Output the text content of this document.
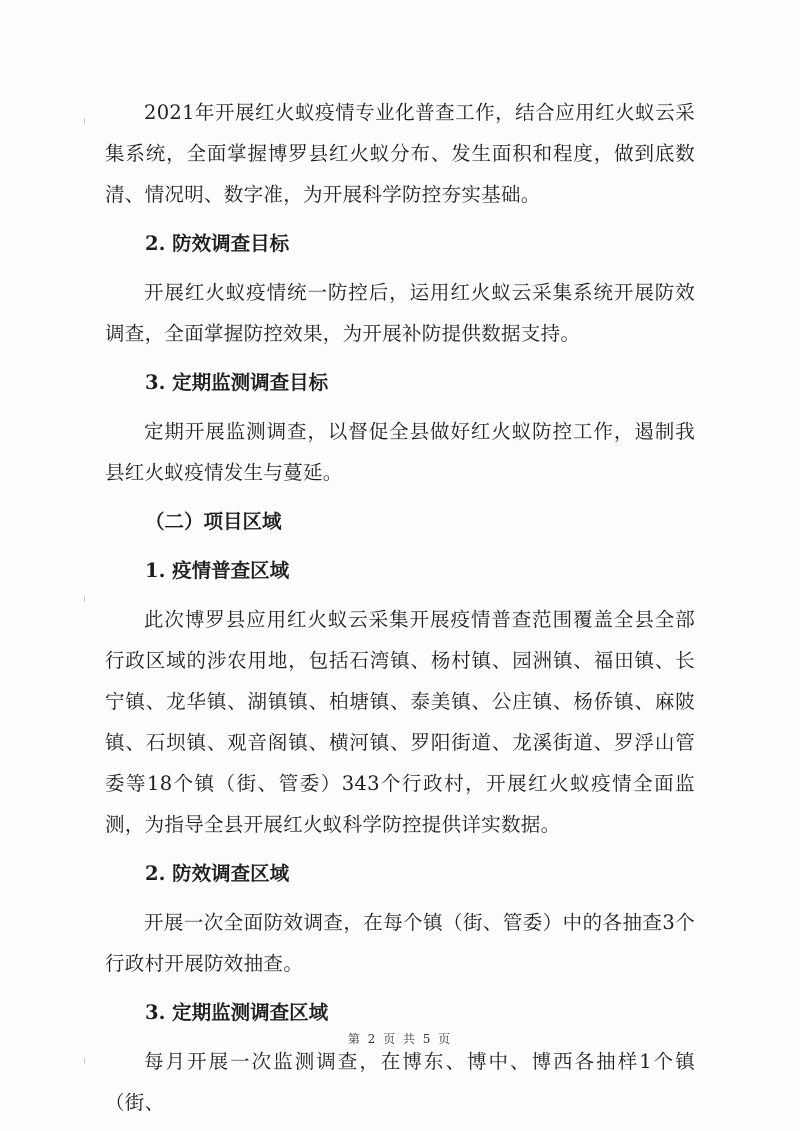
2021年开展红火蚁疫情专业化普查工作，结合应用红火蚁云采集系统，全面掌握博罗县红火蚁分布、发生面积和程度，做到底数清、情况明、数字准，为开展科学防控夯实基础。

2. 防效调查目标

开展红火蚁疫情统一防控后，运用红火蚁云采集系统开展防效调查，全面掌握防控效果，为开展补防提供数据支持。

3. 定期监测调查目标

定期开展监测调查，以督促全县做好红火蚁防控工作，遏制我县红火蚁疫情发生与蔓延。

（二）项目区域

1. 疫情普查区域

此次博罗县应用红火蚁云采集开展疫情普查范围覆盖全县全部行政区域的涉农用地，包括石湾镇、杨村镇、园洲镇、福田镇、长宁镇、龙华镇、湖镇镇、柏塘镇、泰美镇、公庄镇、杨侨镇、麻陂镇、石坝镇、观音阁镇、横河镇、罗阳街道、龙溪街道、罗浮山管委等18个镇（街、管委）343个行政村，开展红火蚁疫情全面监测，为指导全县开展红火蚁科学防控提供详实数据。

2. 防效调查区域

开展一次全面防效调查，在每个镇（街、管委）中的各抽查3个行政村开展防效抽查。

3. 定期监测调查区域

每月开展一次监测调查，在博东、博中、博西各抽样1个镇（街、

第 2 页 共 5 页
